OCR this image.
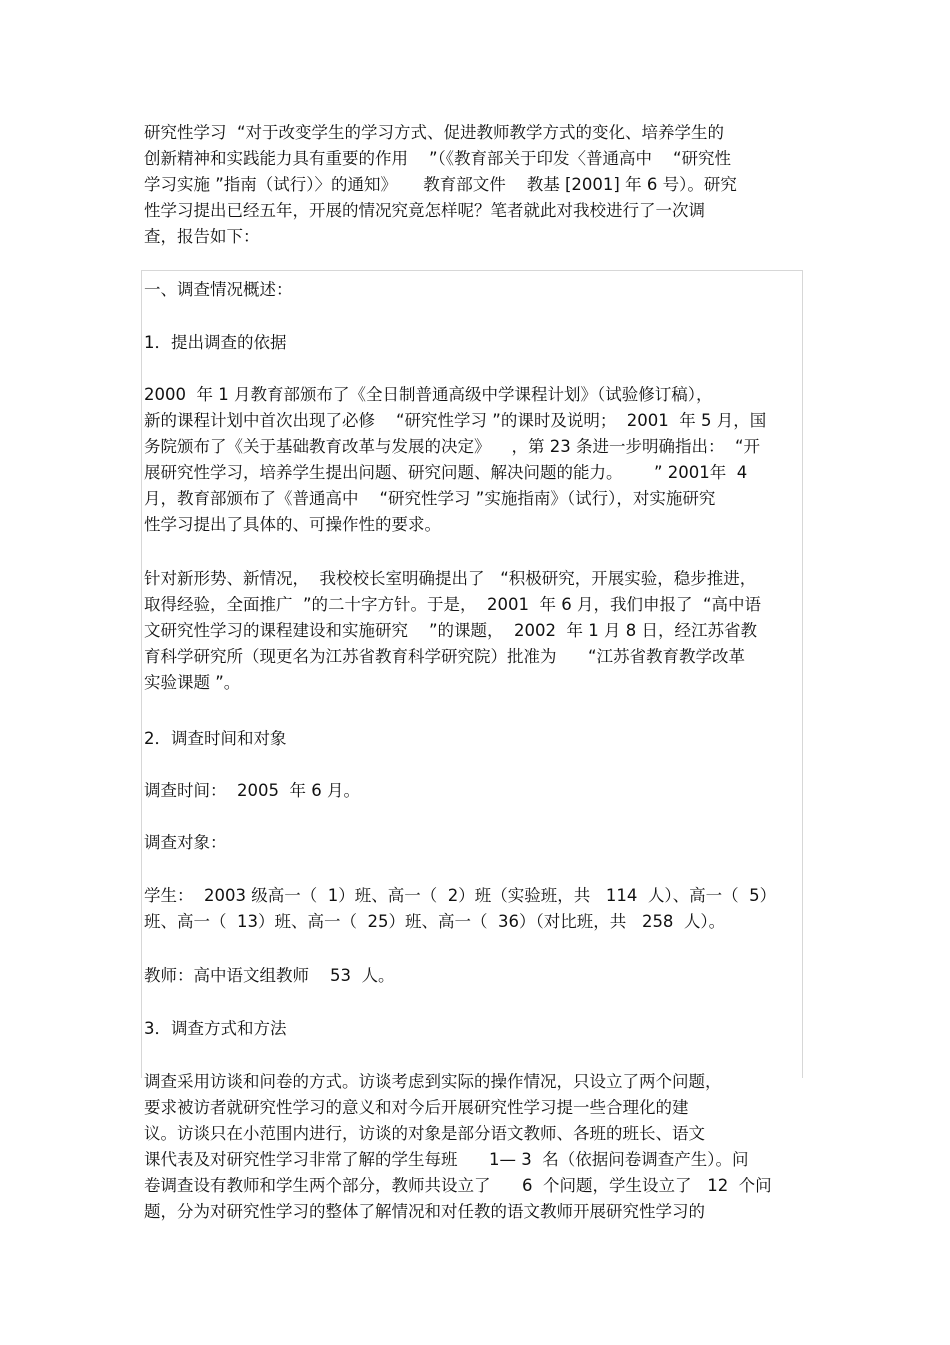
研究性学习  “对于改变学生的学习方式、促进教师教学方式的变化、培养学生的

创新精神和实践能力具有重要的作用    ”（《教育部关于印发〈普通高中    “研究性

学习实施 ”指南（试行）〉的通知》     教育部文件    教基 [2001] 年 6 号）。研究

性学习提出已经五年，开展的情况究竟怎样呢？笔者就此对我校进行了一次调

查，报告如下：

一、调查情况概述：

1．提出调查的依据

2000  年 1 月教育部颁布了《全日制普通高级中学课程计划》（试验修订稿），

新的课程计划中首次出现了必修    “研究性学习 ”的课时及说明；  2001  年 5 月，国

务院颁布了《关于基础教育改革与发展的决定》    ，第 23 条进一步明确指出：  “开

展研究性学习，培养学生提出问题、研究问题、解决问题的能力。      ” 2001年  4

月，教育部颁布了《普通高中    “研究性学习 ”实施指南》（试行），对实施研究

性学习提出了具体的、可操作性的要求。

针对新形势、新情况，  我校校长室明确提出了   “积极研究，开展实验，稳步推进，

取得经验，全面推广  ”的二十字方针。于是，  2001  年 6 月，我们申报了  “高中语

文研究性学习的课程建设和实施研究    ”的课题，  2002  年 1 月 8 日，经江苏省教

育科学研究所（现更名为江苏省教育科学研究院）批准为      “江苏省教育教学改革

实验课题 ”。

2．调查时间和对象

调查时间：  2005  年 6 月。

调查对象：

学生：  2003 级高一（  1）班、高一（  2）班（实验班，共   114  人）、高一（  5）

班、高一（  13）班、高一（  25）班、高一（  36）（对比班，共   258  人）。

教师：高中语文组教师    53  人。

3．调查方式和方法

调查采用访谈和问卷的方式。访谈考虑到实际的操作情况，只设立了两个问题，

要求被访者就研究性学习的意义和对今后开展研究性学习提一些合理化的建

议。访谈只在小范围内进行，访谈的对象是部分语文教师、各班的班长、语文

课代表及对研究性学习非常了解的学生每班      1— 3  名（依据问卷调查产生）。问

卷调查设有教师和学生两个部分，教师共设立了      6  个问题，学生设立了   12  个问

题，分为对研究性学习的整体了解情况和对任教的语文教师开展研究性学习的
